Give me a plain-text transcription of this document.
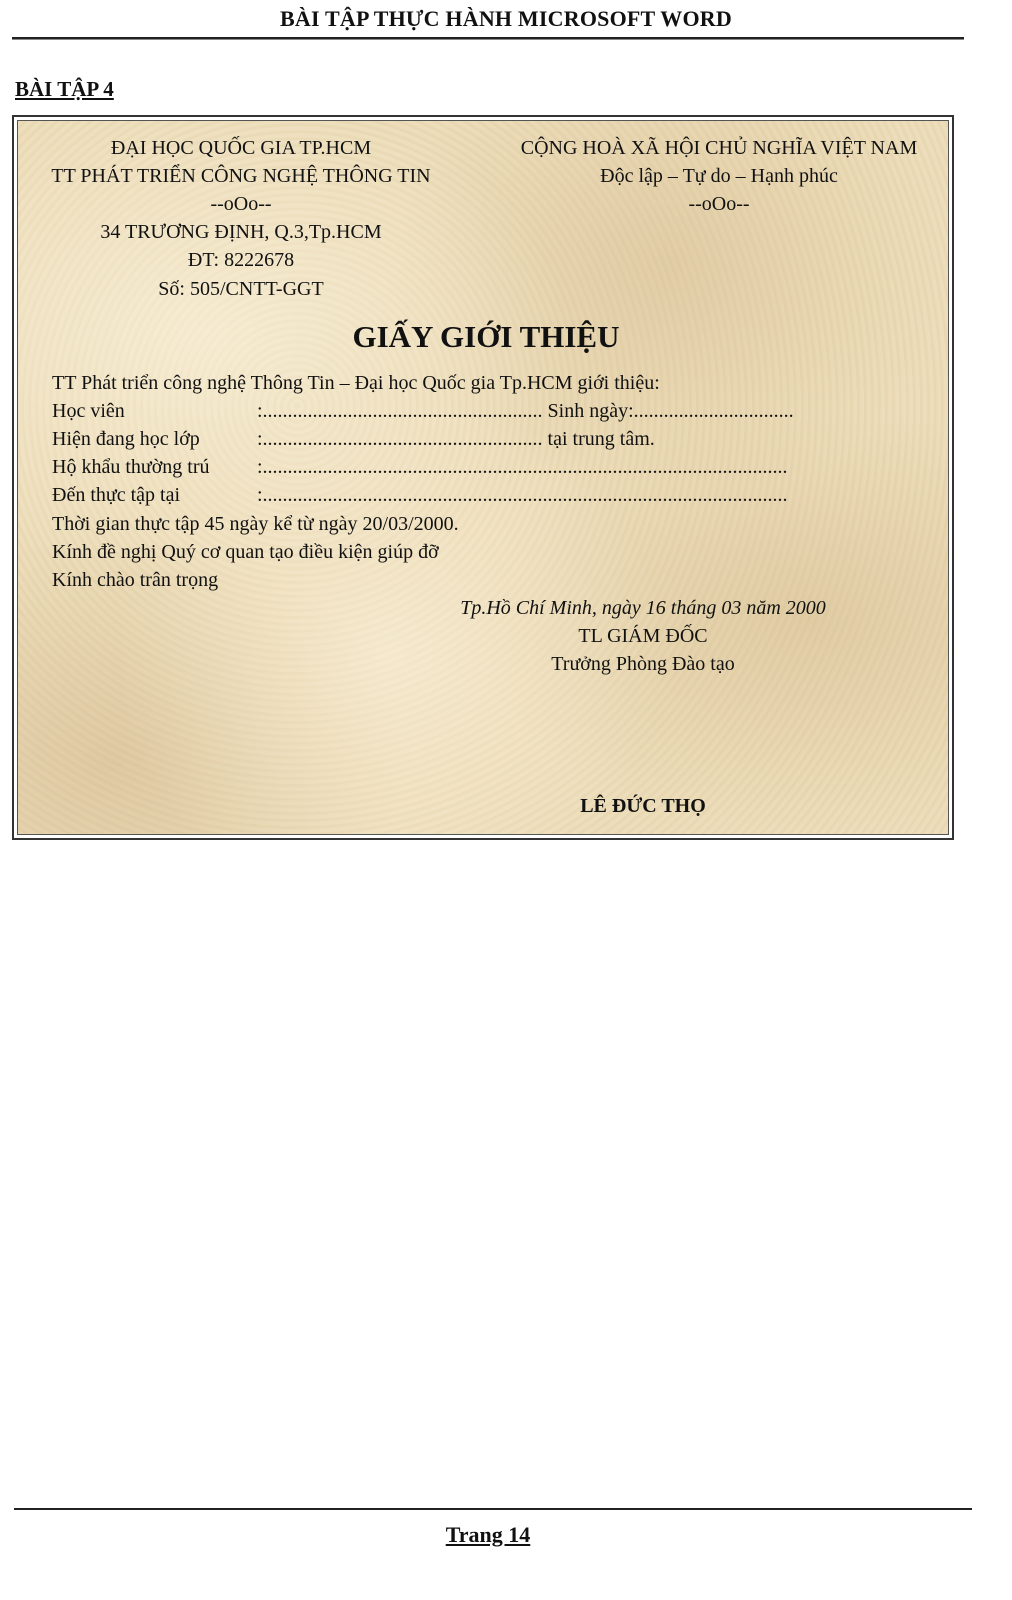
BÀI TẬP THỰC HÀNH MICROSOFT WORD
BÀI TẬP 4
ĐẠI HỌC QUỐC GIA TP.HCM
TT PHÁT TRIỂN CÔNG NGHỆ THÔNG TIN
--oOo--
34 TRƯƠNG ĐỊNH, Q.3,Tp.HCM
ĐT: 8222678
Số: 505/CNTT-GGT
CỘNG HOÀ XÃ HỘI CHỦ NGHĨA VIỆT NAM
Độc lập – Tự do – Hạnh phúc
--oOo--
GIẤY GIỚI THIỆU
TT Phát triển công nghệ Thông Tin – Đại học Quốc gia Tp.HCM giới thiệu:
Học viên	:........................................................ Sinh ngày:................................
Hiện đang học lớp	:........................................................ tại trung tâm.
Hộ khẩu thường trú :.........................................................................................................
Đến thực tập tại	:.........................................................................................................
Thời gian thực tập 45 ngày kể từ ngày 20/03/2000.
Kính đề nghị Quý cơ quan tạo điều kiện giúp đỡ
Kính chào trân trọng
Tp.Hồ Chí Minh, ngày 16 tháng 03 năm 2000
TL GIÁM ĐỐC
Trưởng Phòng Đào tạo
LÊ ĐỨC THỌ
Trang 14
